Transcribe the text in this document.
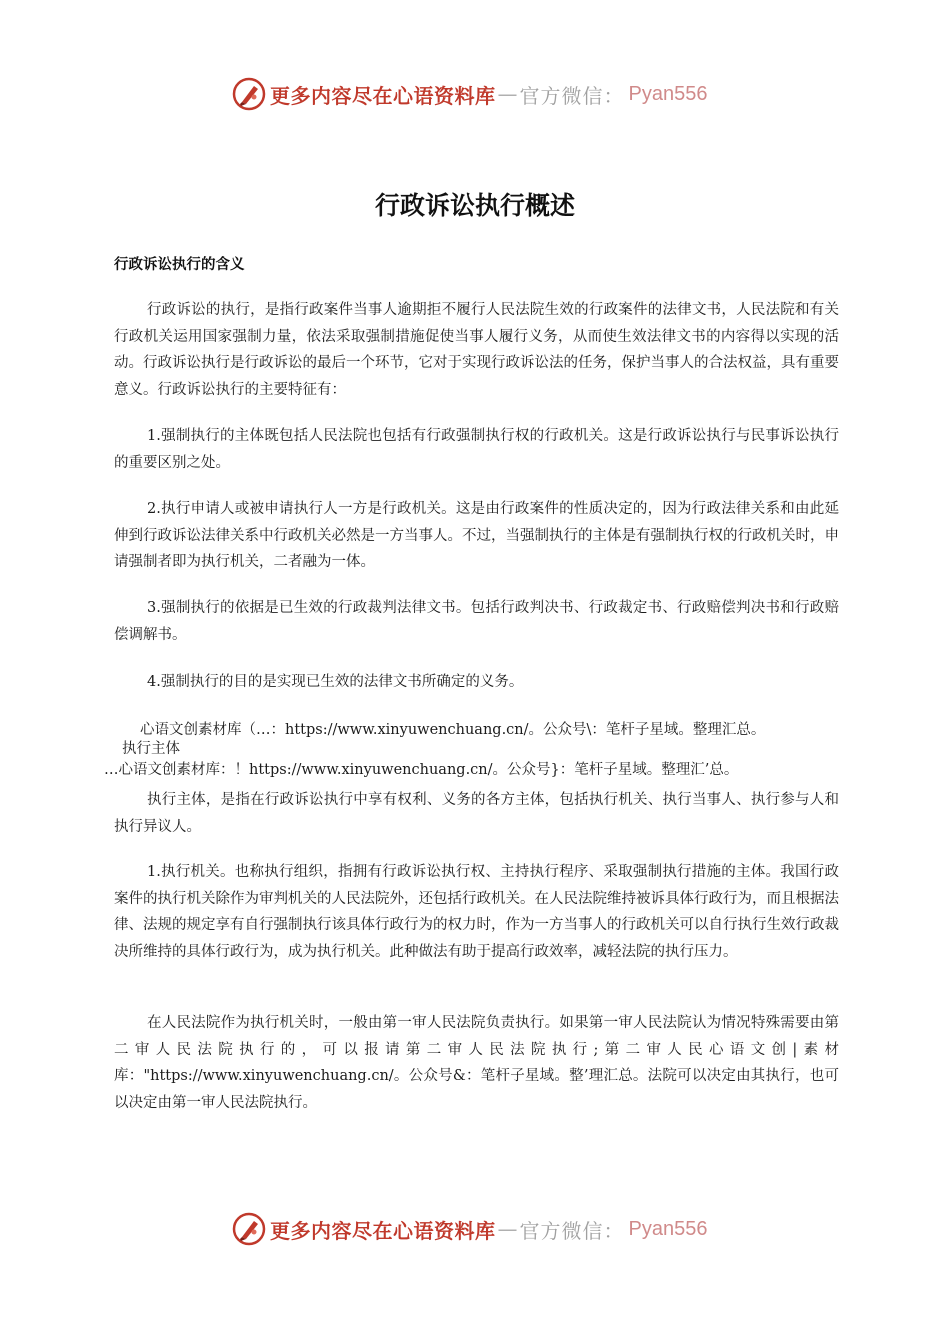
更多内容尽在心语资料库 — 官方微信： Pyan556
行政诉讼执行概述
行政诉讼执行的含义

行政诉讼的执行，是指行政案件当事人逾期拒不履行人民法院生效的行政案件的法律文书，人民法院和有关行政机关运用国家强制力量，依法采取强制措施促使当事人履行义务，从而使生效法律文书的内容得以实现的活动。行政诉讼执行是行政诉讼的最后一个环节，它对于实现行政诉讼法的任务，保护当事人的合法权益，具有重要意义。行政诉讼执行的主要特征有：

1.强制执行的主体既包括人民法院也包括有行政强制执行权的行政机关。这是行政诉讼执行与民事诉讼执行的重要区别之处。

2.执行申请人或被申请执行人一方是行政机关。这是由行政案件的性质决定的，因为行政法律关系和由此延伸到行政诉讼法律关系中行政机关必然是一方当事人。不过，当强制执行的主体是有强制执行权的行政机关时，申请强制者即为执行机关，二者融为一体。

3.强制执行的依据是已生效的行政裁判法律文书。包括行政判决书、行政裁定书、行政赔偿判决书和行政赔偿调解书。

4.强制执行的目的是实现已生效的法律文书所确定的义务。

心语文创素材库（…：https://www.xinyuwenchuang.cn/。公众号\：笔杆子星域。整理汇总。

执行主体

…心语文创素材库：！https://www.xinyuwenchuang.cn/。公众号}：笔杆子星域。整理汇’总。

执行主体，是指在行政诉讼执行中享有权利、义务的各方主体，包括执行机关、执行当事人、执行参与人和执行异议人。

1.执行机关。也称执行组织，指拥有行政诉讼执行权、主持执行程序、采取强制执行措施的主体。我国行政案件的执行机关除作为审判机关的人民法院外，还包括行政机关。在人民法院维持被诉具体行政行为，而且根据法律、法规的规定享有自行强制执行该具体行政行为的权力时，作为一方当事人的行政机关可以自行执行生效行政裁决所维持的具体行政行为，成为执行机关。此种做法有助于提高行政效率，减轻法院的执行压力。

在人民法院作为执行机关时，一般由第一审人民法院负责执行。如果第一审人民法院认为情况特殊需要由第二审人民法院执行的，可以报请第二审人民法院执行;第二审人民心语文创|素材库："https://www.xinyuwenchuang.cn/。公众号&：笔杆子星域。整’理汇总。法院可以决定由其执行，也可以决定由第一审人民法院执行。

更多内容尽在心语资料库 — 官方微信： Pyan556
